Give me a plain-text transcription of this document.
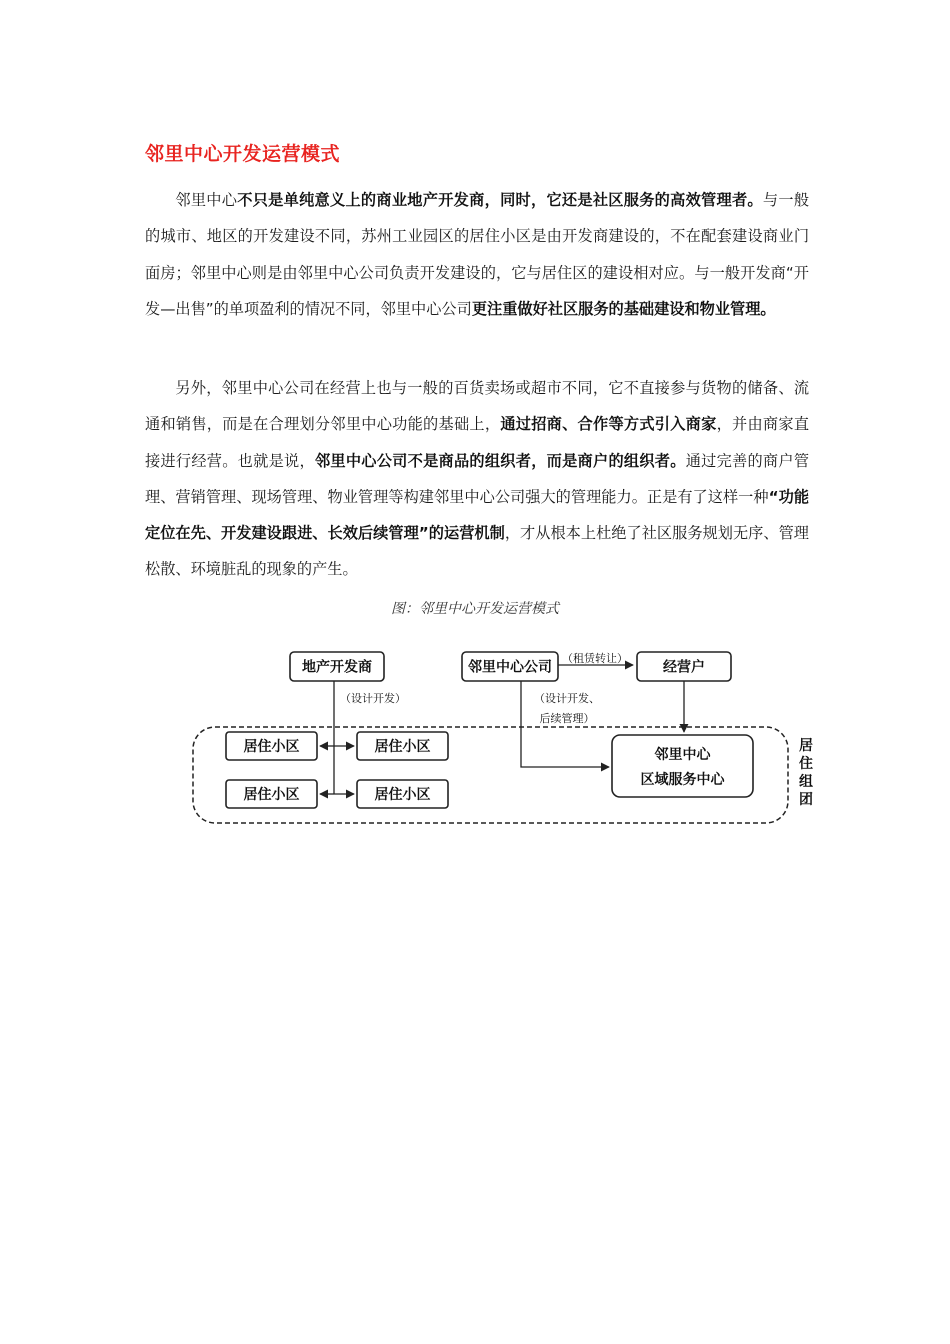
邻里中心开发运营模式

邻里中心不只是单纯意义上的商业地产开发商，同时，它还是社区服务的高效管理者。与一般的城市、地区的开发建设不同，苏州工业园区的居住小区是由开发商建设的，不在配套建设商业门面房；邻里中心则是由邻里中心公司负责开发建设的，它与居住区的建设相对应。与一般开发商“开发—出售”的单项盈利的情况不同，邻里中心公司更注重做好社区服务的基础建设和物业管理。

另外，邻里中心公司在经营上也与一般的百货卖场或超市不同，它不直接参与货物的储备、流通和销售，而是在合理划分邻里中心功能的基础上，通过招商、合作等方式引入商家，并由商家直接进行经营。也就是说，邻里中心公司不是商品的组织者，而是商户的组织者。通过完善的商户管理、营销管理、现场管理、物业管理等构建邻里中心公司强大的管理能力。正是有了这样一种“功能定位在先、开发建设跟进、长效后续管理”的运营机制，才从根本上杜绝了社区服务规划无序、管理松散、环境脏乱的现象的产生。

图：邻里中心开发运营模式
地产开发商	邻里中心公司	经营户
（租赁转让）
（设计开发）
居住小区	居住小区
居住小区	居住小区
（设计开发、
后续管理）
邻里中心
区域服务中心
居
住
组
团
